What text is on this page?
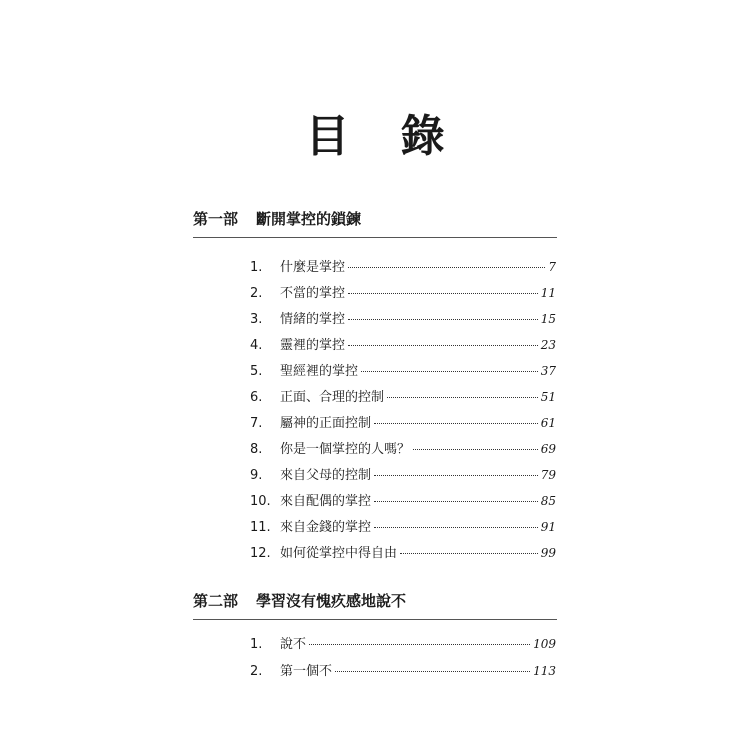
目 錄
第一部 斷開掌控的鎖鍊
1.	什麼是掌控	7
2.	不當的掌控	11
3.	情緒的掌控	15
4.	靈裡的掌控	23
5.	聖經裡的掌控	37
6.	正面、合理的控制	51
7.	屬神的正面控制	61
8.	你是一個掌控的人嗎？	69
9.	來自父母的控制	79
10. 來自配偶的掌控	85
11. 來自金錢的掌控	91
12. 如何從掌控中得自由	99
第二部 學習沒有愧疚感地說不
1.	說不	109
2.	第一個不	113
